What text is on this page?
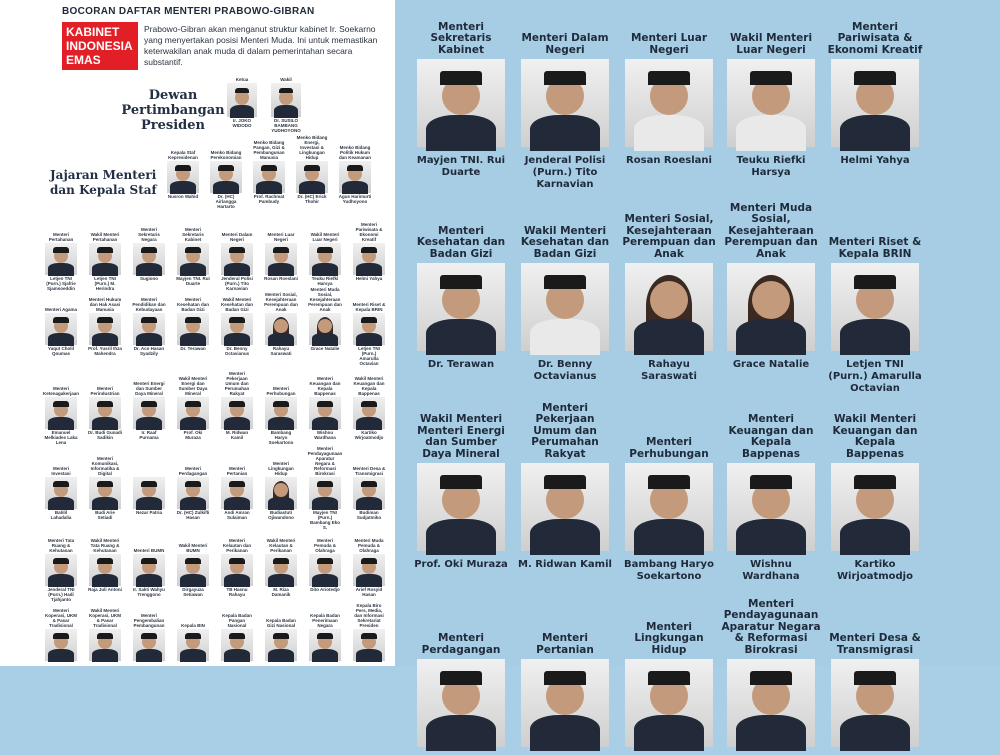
BOCORAN DAFTAR MENTERI PRABOWO-GIBRAN
KABINET
INDONESIA
EMAS
Prabowo-Gibran akan menganut struktur kabinet Ir. Soekarno yang menyertakan posisi Menteri Muda. Ini untuk memastikan keterwakilan anak muda di dalam pemerintahan secara substantif.
Dewan Pertimbangan Presiden
Ketua
Ir. JOKO WIDODO
Wakil
Dr. SUSILO BAMBANG YUDHOYONO
Jajaran Menteri dan Kepala Staf
Kepala Staf Kepresidenan
Nusron Wahid
Menko Bidang Perekonomian
Dr. (HC) Airlangga Hartarto
Menko Bidang Pangan, Gizi & Pembangunan Manusia
Prof. Rachmat Pambudy
Menko Bidang Energi, Investasi & Lingkungan Hidup
Dr. (HC) Erick Thohir
Menko Bidang Politik Hukum dan Keamanan
Agus Harimurti Yudhoyono
Menteri Pertahanan
Letjen TNI (Purn.) Sjafrie Sjamsoeddin
Wakil Menteri Pertahanan
Letjen TNI (Purn.) M. Herindra
Menteri Sekretaris Negara
Sugiono
Menteri Sekretaris Kabinet
Mayjen TNI. Rui Duarte
Menteri Dalam Negeri
Jenderal Polisi (Purn.) Tito Karnavian
Menteri Luar Negeri
Rosan Roeslani
Wakil Menteri Luar Negeri
Teuku Riefki Harsya
Menteri Pariwisata & Ekonomi Kreatif
Helmi Yahya
Menteri Agama
Yaqut Cholil Qoumas
Menteri Hukum dan Hak Asasi Manusia
Prof. Yusril Ihza Mahendra
Menteri Pendidikan dan Kebudayaan
Dr. Aco Hasan Syadzily
Menteri Kesehatan dan Badan Gizi
Dr. Terawan
Wakil Menteri Kesehatan dan Badan Gizi
Dr. Benny Octavianus
Menteri Sosial, Kesejahteraan Perempuan dan Anak
Rahayu Saraswati
Menteri Muda Sosial, Kesejahteraan Perempuan dan Anak
Grace Natalie
Menteri Riset & Kepala BRIN
Letjen TNI (Purn.) Amarulla Octavian
Menteri Ketenagakerjaan
Emanuel Melkiades Laka Lena
Menteri Perindustrian
Dr. Budi Gunadi Sadikin
Menteri Energi dan Sumber Daya Mineral
Ir. Raaf Purnama
Wakil Menteri Energi dan Sumber Daya Mineral
Prof. Oki Muraza
Menteri Pekerjaan Umum dan Perumahan Rakyat
M. Ridwan Kamil
Menteri Perhubungan
Bambang Haryo Soekartono
Menteri Keuangan dan Kepala Bappenas
Wishnu Wardhana
Wakil Menteri Keuangan dan Kepala Bappenas
Kartiko Wirjoatmodjo
Menteri Investasi
Bahlil Lahadalia
Menteri Komunikasi, Informatika & Digital
Budi Arie Setiadi
Nezar Patria
Menteri Perdagangan
Dr. (HC) Zulkifli Hasan
Menteri Pertanian
Andi Amran Sulaiman
Menteri Lingkungan Hidup
Budiastuti Ojiwandono
Menteri Pendayagunaan Aparatur Negara & Reformasi Birokrasi
Mayjen TNI (Purn.) Bambang Eko S.
Menteri Desa & Transmigrasi
Budiman Sudjatmiko
Menteri Tata Ruang & Kehutanan
Jenderal TNI (Purn.) Hadi Tjahjanto
Wakil Menteri Tata Ruang & Kehutanan
Raja Juli Antoni
Menteri BUMN
Ir. Sakti Wahyu Trenggono
Wakil Menteri BUMN
Dirgayuza Setiawan
Menteri Kelautan dan Perikanan
TB Hasnu Rahayu
Wakil Menteri Kelautan & Perikanan
M. Riza Damanik
Menteri Pemuda & Olahraga
Dito Ariotedjo
Menteri Muda Pemuda & Olahraga
Arief Rosyid Hasan
Menteri Koperasi, UKM & Pasar Tradisional
Wakil Menteri Koperasi, UKM & Pasar Tradisional
Menteri Pengembalian Pembangunan	Kepala BIN
Kepala Badan Pangan Nasional
Kepala Badan Gizi Nasional
Kepala Badan Penerimaan Negara
Kepala Biro Pers, Media, dan Informasi Sekretariat Presiden
Menteri Sekretaris Kabinet
Mayjen TNI. Rui Duarte
Menteri Dalam Negeri
Jenderal Polisi (Purn.) Tito Karnavian
Menteri Luar Negeri
Rosan Roeslani
Wakil Menteri Luar Negeri
Teuku Riefki Harsya
Menteri Pariwisata & Ekonomi Kreatif
Helmi Yahya
Menteri Kesehatan dan Badan Gizi
Dr. Terawan
Wakil Menteri Kesehatan dan Badan Gizi
Dr. Benny Octavianus
Menteri Sosial, Kesejahteraan Perempuan dan Anak
Rahayu Saraswati
Menteri Muda Sosial, Kesejahteraan Perempuan dan Anak
Grace Natalie
Menteri Riset & Kepala BRIN
Letjen TNI (Purn.) Amarulla Octavian
Wakil Menteri Menteri Energi dan Sumber Daya Mineral
Prof. Oki Muraza
Menteri Pekerjaan Umum dan Perumahan Rakyat
M. Ridwan Kamil
Menteri Perhubungan
Bambang Haryo Soekartono
Menteri Keuangan dan Kepala Bappenas
Wishnu Wardhana
Wakil Menteri Keuangan dan Kepala Bappenas
Kartiko Wirjoatmodjo
Menteri Perdagangan
Menteri Pertanian
Menteri Lingkungan Hidup
Menteri Pendayagunaan Aparatur Negara & Reformasi Birokrasi
Menteri Desa & Transmigrasi
